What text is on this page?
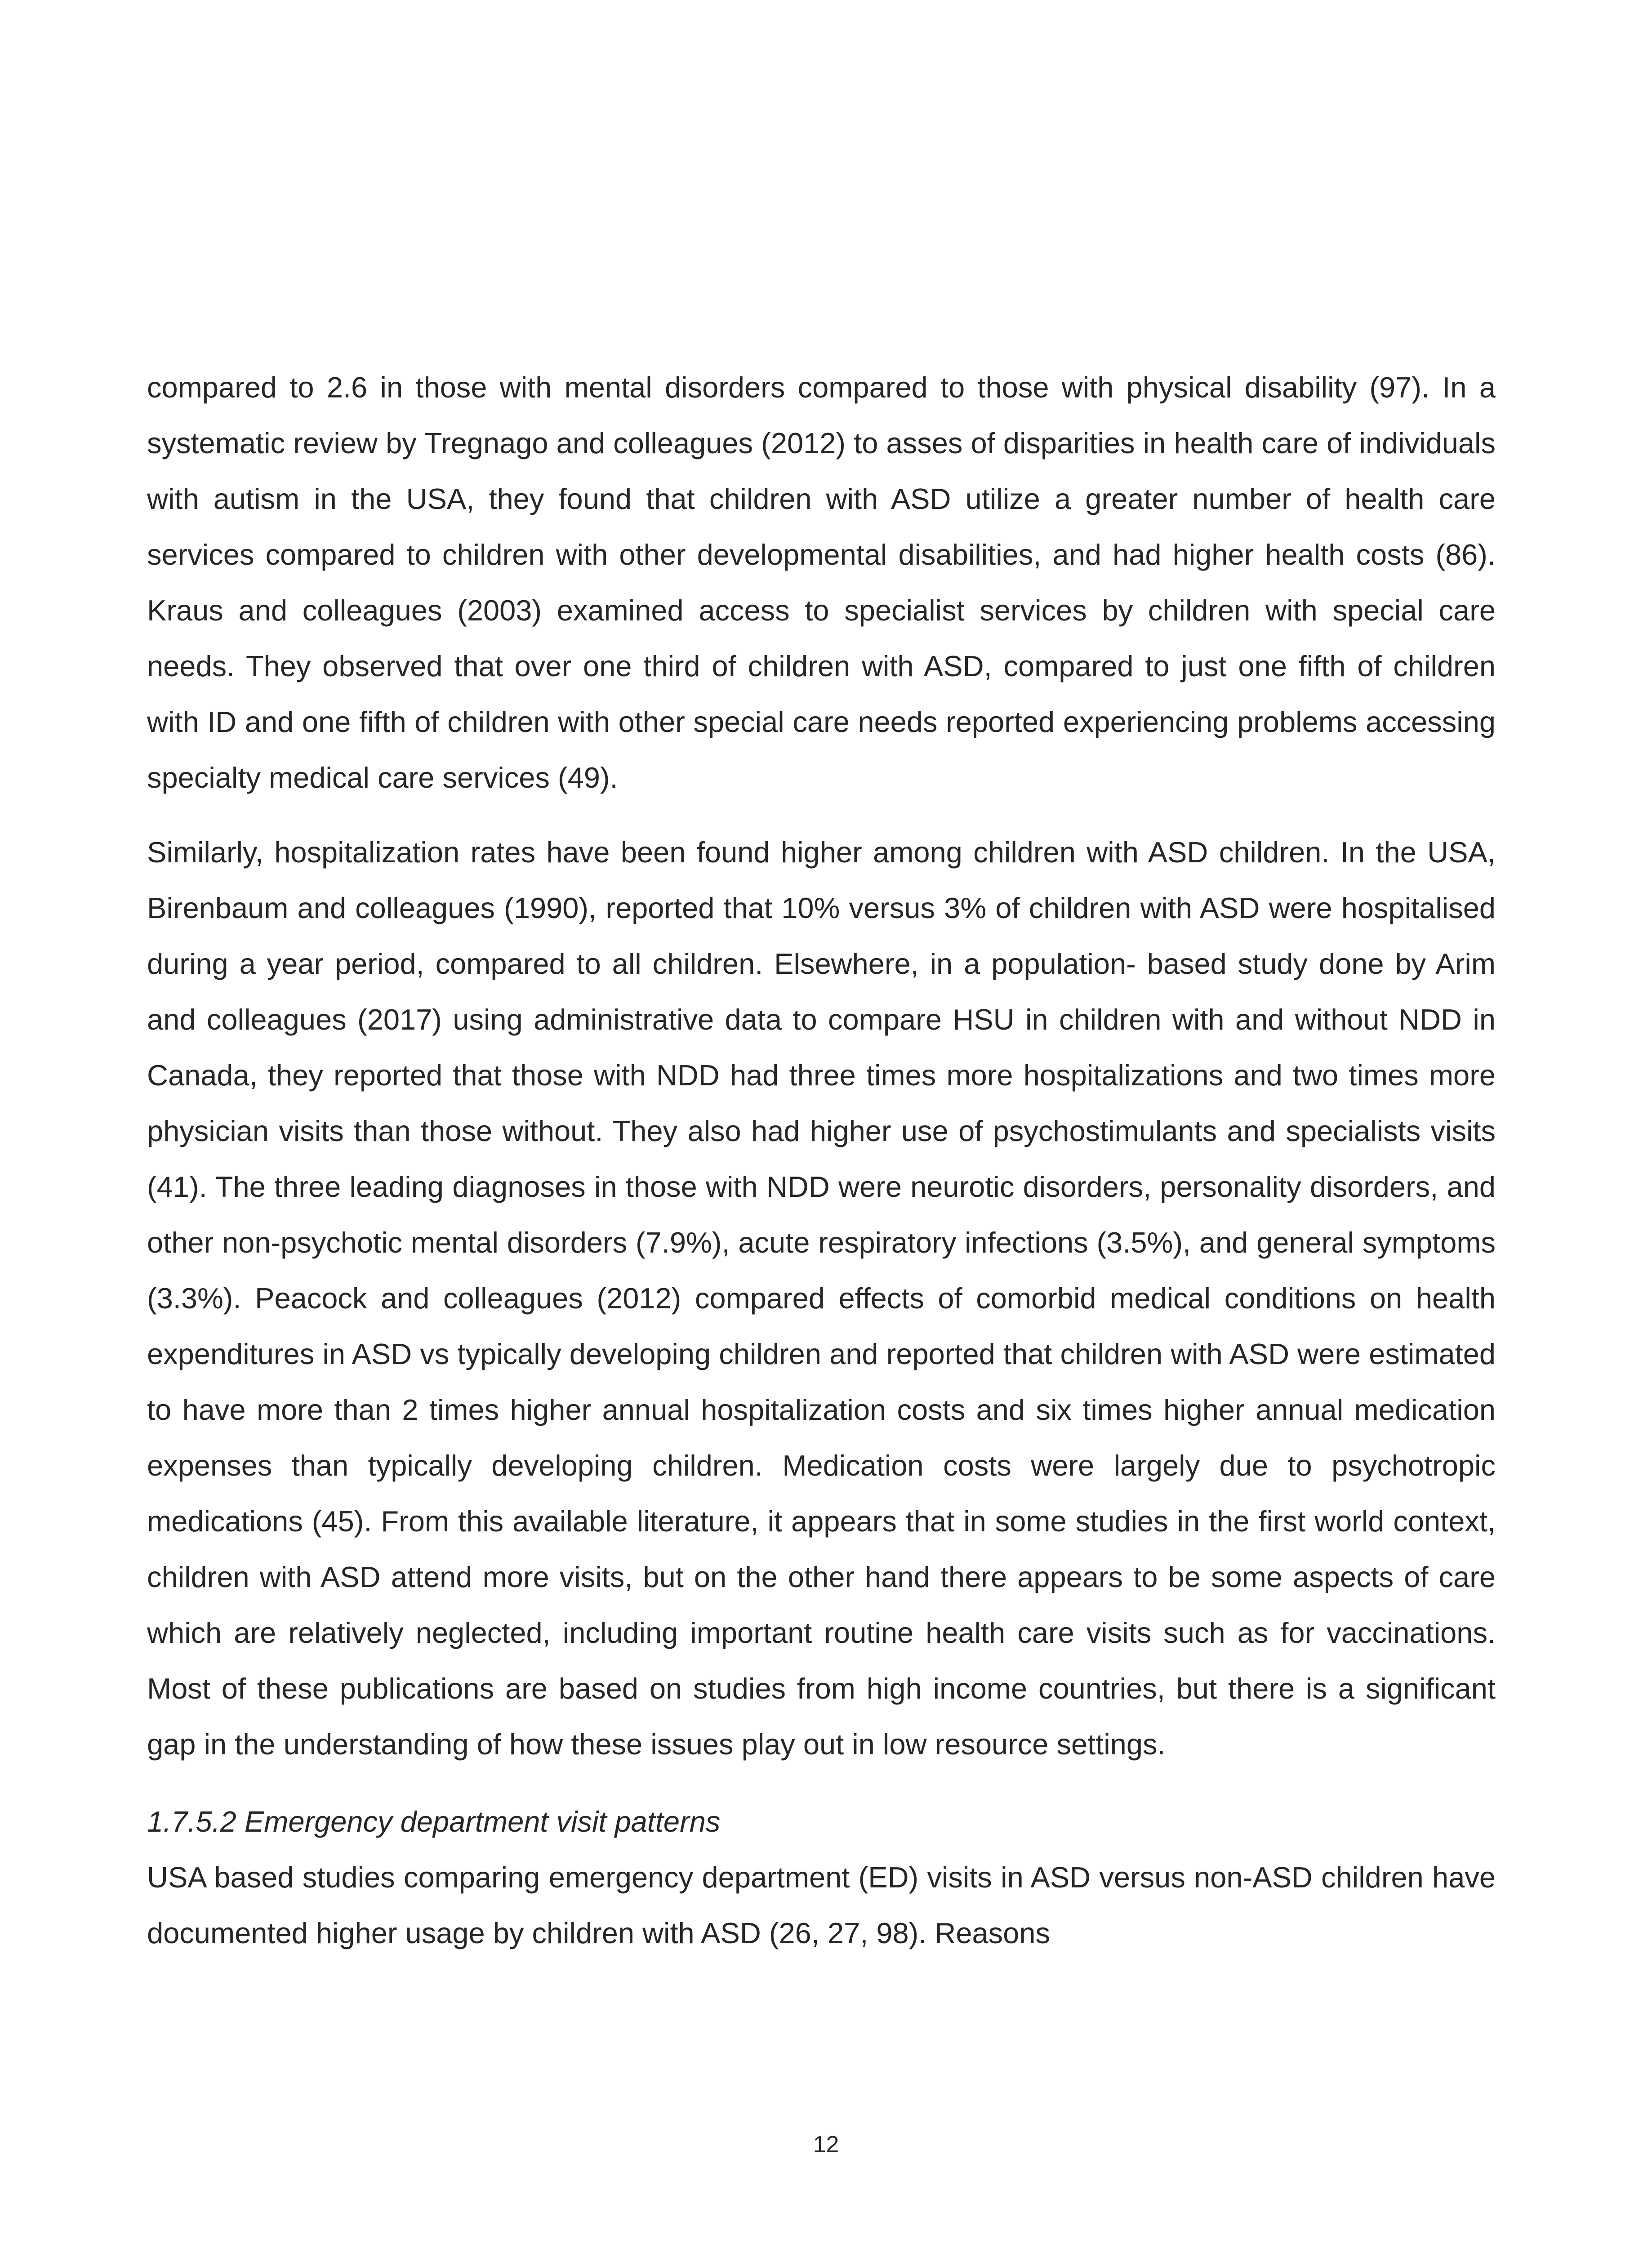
compared to 2.6 in those with mental disorders compared to those with physical disability (97). In a systematic review by Tregnago and colleagues (2012) to asses of disparities in health care of individuals with autism in the USA, they found that children with ASD utilize a greater number of health care services compared to children with other developmental disabilities, and had higher health costs (86). Kraus and colleagues (2003) examined access to specialist services by children with special care needs. They observed that over one third of children with ASD, compared to just one fifth of children with ID and one fifth of children with other special care needs reported experiencing problems accessing specialty medical care services (49).

Similarly, hospitalization rates have been found higher among children with ASD children. In the USA, Birenbaum and colleagues (1990), reported that 10% versus 3% of children with ASD were hospitalised during a year period, compared to all children. Elsewhere, in a population- based study done by Arim and colleagues (2017) using administrative data to compare HSU in children with and without NDD in Canada, they reported that those with NDD had three times more hospitalizations and two times more physician visits than those without. They also had higher use of psychostimulants and specialists visits (41). The three leading diagnoses in those with NDD were neurotic disorders, personality disorders, and other non-psychotic mental disorders (7.9%), acute respiratory infections (3.5%), and general symptoms (3.3%). Peacock and colleagues (2012) compared effects of comorbid medical conditions on health expenditures in ASD vs typically developing children and reported that children with ASD were estimated to have more than 2 times higher annual hospitalization costs and six times higher annual medication expenses than typically developing children. Medication costs were largely due to psychotropic medications (45). From this available literature, it appears that in some studies in the first world context, children with ASD attend more visits, but on the other hand there appears to be some aspects of care which are relatively neglected, including important routine health care visits such as for vaccinations. Most of these publications are based on studies from high income countries, but there is a significant gap in the understanding of how these issues play out in low resource settings.

1.7.5.2 Emergency department visit patterns

USA based studies comparing emergency department (ED) visits in ASD versus non-ASD children have documented higher usage by children with ASD (26, 27, 98). Reasons

12
